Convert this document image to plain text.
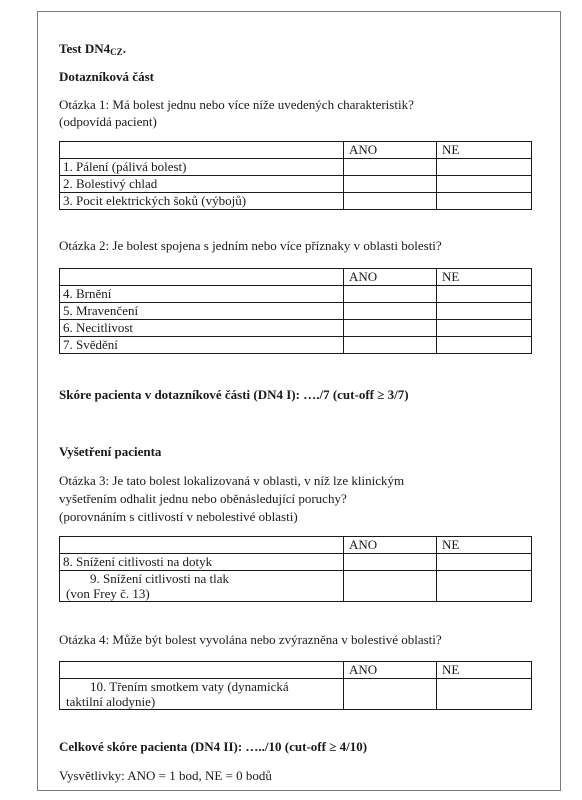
Test $DN4_{CZ}$.
Dotazníková část
Otázka 1: Má bolest jednu nebo více níže uvedených charakteristik?
(odpovídá pacient)
	ANO	NE
1. Pálení (pálivá bolest)		
2. Bolestivý chlad		
3. Pocit elektrických šoků (výbojů)		
Otázka 2: Je bolest spojena s jedním nebo více příznaky v oblasti bolesti?
	ANO	NE
4. Brnění		
5. Mravenčení		
6. Necitlivost		
7. Svědění		
Skóre pacienta v dotazníkové části (DN4 I): …./7 (cut-off ≥ 3/7)
Vyšetření pacienta
Otázka 3: Je tato bolest lokalizovaná v oblasti, v níž lze klinickým
vyšetřením odhalit jednu nebo oběnásledující poruchy?
(porovnáním s citlivostí v nebolestivé oblasti)
	ANO	NE
8. Snížení citlivosti na dotyk		

9. Snížení citlivosti na tlak
(von Frey č. 13)		

Otázka 4: Může být bolest vyvolána nebo zvýrazněna v bolestivé oblasti?
	ANO	NE

10. Třením smotkem vaty (dynamická
taktilní alodynie)		

Celkové skóre pacienta (DN4 II): …../10 (cut-off ≥ 4/10)
Vysvětlivky: ANO = 1 bod, NE = 0 bodů
